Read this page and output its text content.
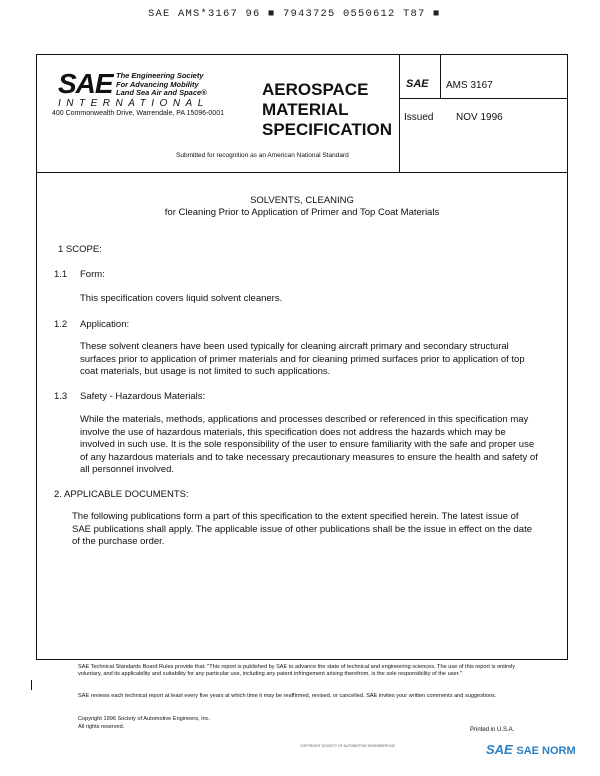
SAE AMS*3167 96 ■ 7943725 0550612 T87 ■
SAE The Engineering Society
For Advancing Mobility
Land Sea Air and Space®
INTERNATIONAL
400 Commonwealth Drive, Warrendale, PA 15096-0001
AEROSPACE
MATERIAL
SPECIFICATION
SAE AMS 3167
Issued NOV 1996
Submitted for recognition as an American National Standard
SOLVENTS, CLEANING
for Cleaning Prior to Application of Primer and Top Coat Materials
1 SCOPE:
1.1 Form:
This specification covers liquid solvent cleaners.
1.2 Application:
These solvent cleaners have been used typically for cleaning aircraft primary and secondary structural surfaces prior to application of primer materials and for cleaning primed surfaces prior to application of top coat materials, but usage is not limited to such applications.
1.3 Safety - Hazardous Materials:
While the materials, methods, applications and processes described or referenced in this specification may involve the use of hazardous materials, this specification does not address the hazards which may be involved in such use. It is the sole responsibility of the user to ensure familiarity with the safe and proper use of any hazardous materials and to take necessary precautionary measures to ensure the health and safety of all personnel involved.
2. APPLICABLE DOCUMENTS:
The following publications form a part of this specification to the extent specified herein. The latest issue of SAE publications shall apply. The applicable issue of other publications shall be the issue in effect on the date of the purchase order.
SAE Technical Standards Board Rules provide that: "This report is published by SAE to advance the state of technical and engineering sciences. The use of this report is entirely voluntary, and its applicability and suitability for any particular use, including any patent infringement arising therefrom, is the sole responsibility of the user."
SAE reviews each technical report at least every five years at which time it may be reaffirmed, revised, or cancelled. SAE invites your written comments and suggestions.
Copyright 1996 Society of Automotive Engineers, Inc.
All rights reserved.	Printed in U.S.A.
COPYRIGHT SOCIETY OF AUTOMOTIVE ENGINEERS INC	SAE SAE NORM
